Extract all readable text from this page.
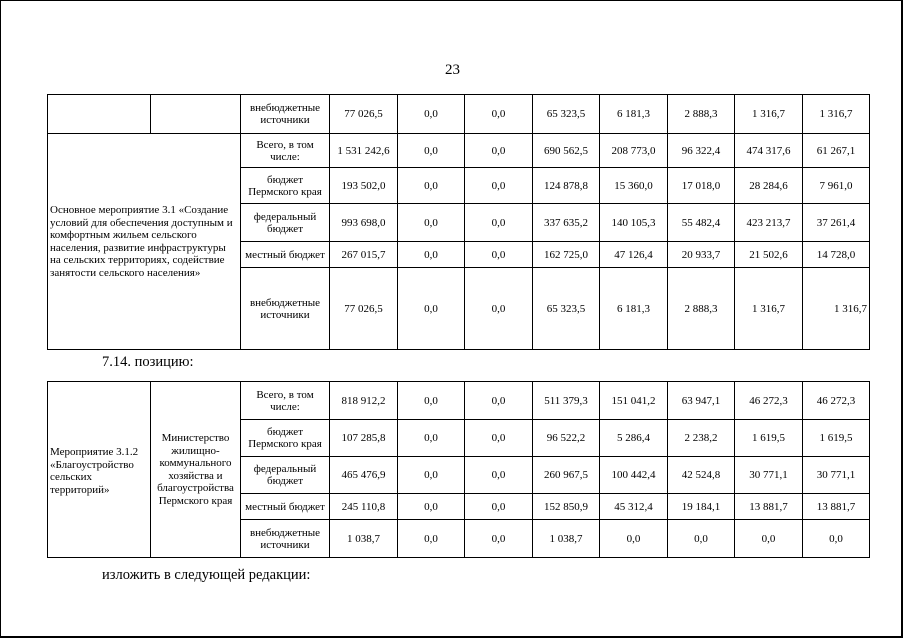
23
		внебюджетные источники	77 026,5	0,0	0,0	65 323,5	6 181,3	2 888,3	1 316,7	1 316,7
Основное мероприятие 3.1 «Создание условий для обеспечения доступным и комфортным жильем сельского населения, развитие инфраструктуры на сельских территориях, содействие занятости сельского населения»	Всего, в том числе:	1 531 242,6	0,0	0,0	690 562,5	208 773,0	96 322,4	474 317,6	61 267,1
	бюджет Пермского края	193 502,0	0,0	0,0	124 878,8	15 360,0	17 018,0	28 284,6	7 961,0
	федеральный бюджет	993 698,0	0,0	0,0	337 635,2	140 105,3	55 482,4	423 213,7	37 261,4
	местный бюджет	267 015,7	0,0	0,0	162 725,0	47 126,4	20 933,7	21 502,6	14 728,0
	внебюджетные источники	77 026,5	0,0	0,0	65 323,5	6 181,3	2 888,3	1 316,7	1 316,7
7.14. позицию:
Мероприятие 3.1.2 «Благоустройство сельских территорий»	Министерство жилищно-коммунального хозяйства и благоустройства Пермского края	Всего, в том числе:	818 912,2	0,0	0,0	511 379,3	151 041,2	63 947,1	46 272,3	46 272,3
		бюджет Пермского края	107 285,8	0,0	0,0	96 522,2	5 286,4	2 238,2	1 619,5	1 619,5
		федеральный бюджет	465 476,9	0,0	0,0	260 967,5	100 442,4	42 524,8	30 771,1	30 771,1
		местный бюджет	245 110,8	0,0	0,0	152 850,9	45 312,4	19 184,1	13 881,7	13 881,7
		внебюджетные источники	1 038,7	0,0	0,0	1 038,7	0,0	0,0	0,0	0,0
изложить в следующей редакции:
